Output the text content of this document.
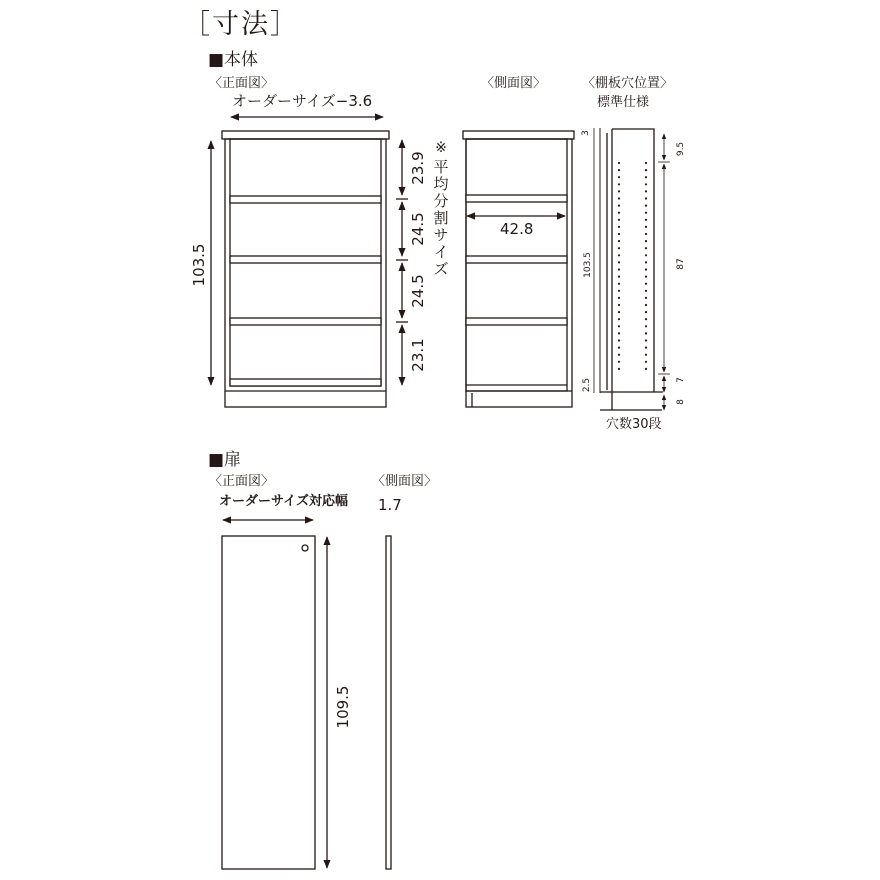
［寸法］
■本体
〈正面図〉
オーダーサイズ−3.6
〈側面図〉	〈棚板穴位置〉
標準仕様
42.8
穴数30段
■扉
〈正面図〉	〈側面図〉
オーダーサイズ対応幅 1.7
103.5
23.9
24.5
24.5
23.1
109.5
※
平均分割サイズ
3
9.5
103.5	87
2.5	7
8
